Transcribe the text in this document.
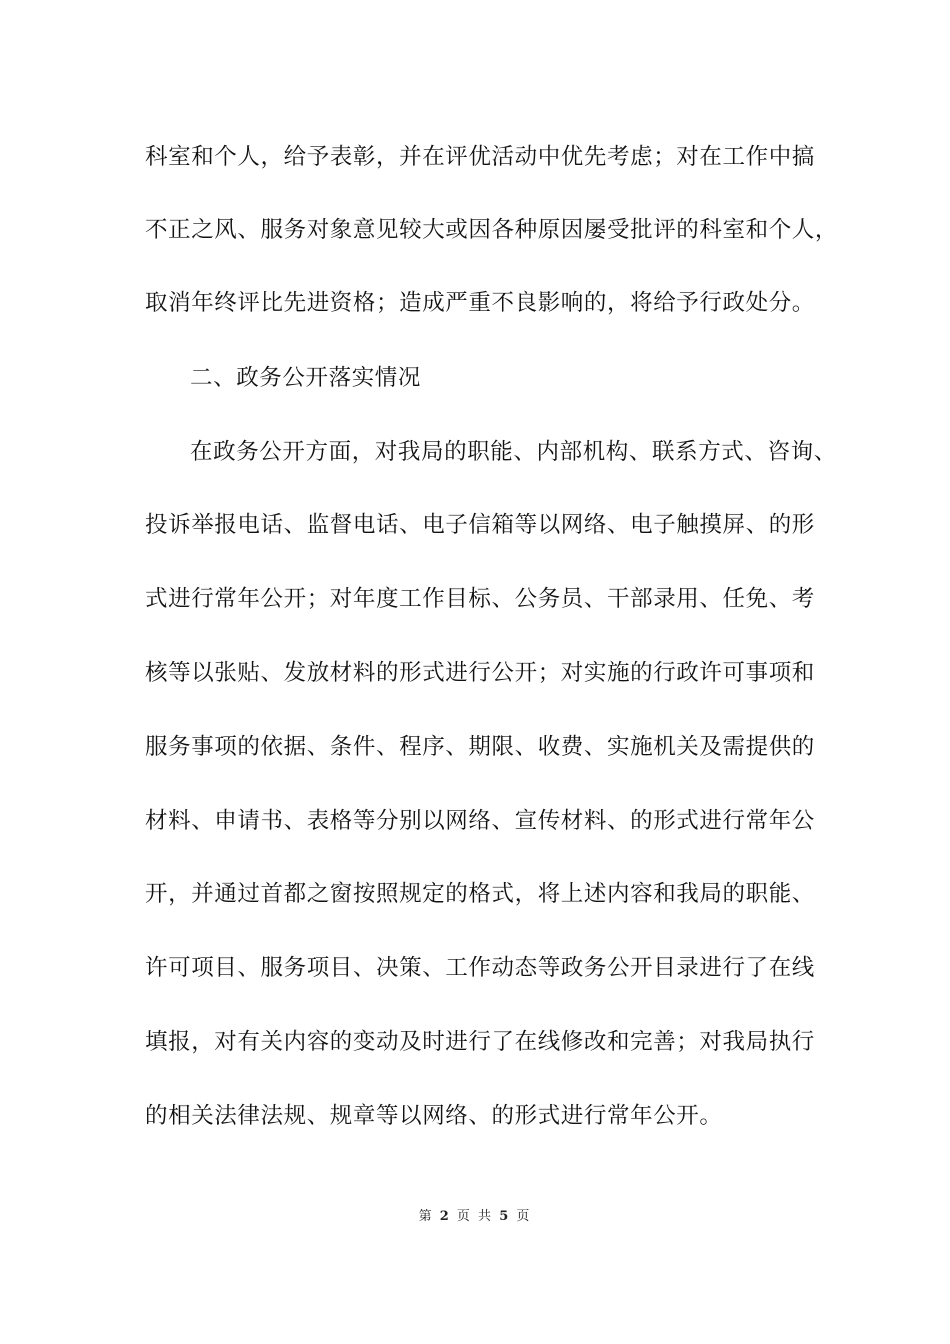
科室和个人，给予表彰，并在评优活动中优先考虑；对在工作中搞
不正之风、服务对象意见较大或因各种原因屡受批评的科室和个人，
取消年终评比先进资格；造成严重不良影响的，将给予行政处分。
二、政务公开落实情况
在政务公开方面，对我局的职能、内部机构、联系方式、咨询、
投诉举报电话、监督电话、电子信箱等以网络、电子触摸屏、的形
式进行常年公开；对年度工作目标、公务员、干部录用、任免、考
核等以张贴、发放材料的形式进行公开；对实施的行政许可事项和
服务事项的依据、条件、程序、期限、收费、实施机关及需提供的
材料、申请书、表格等分别以网络、宣传材料、的形式进行常年公
开，并通过首都之窗按照规定的格式，将上述内容和我局的职能、
许可项目、服务项目、决策、工作动态等政务公开目录进行了在线
填报，对有关内容的变动及时进行了在线修改和完善；对我局执行
的相关法律法规、规章等以网络、的形式进行常年公开。
第 2 页 共 5 页
